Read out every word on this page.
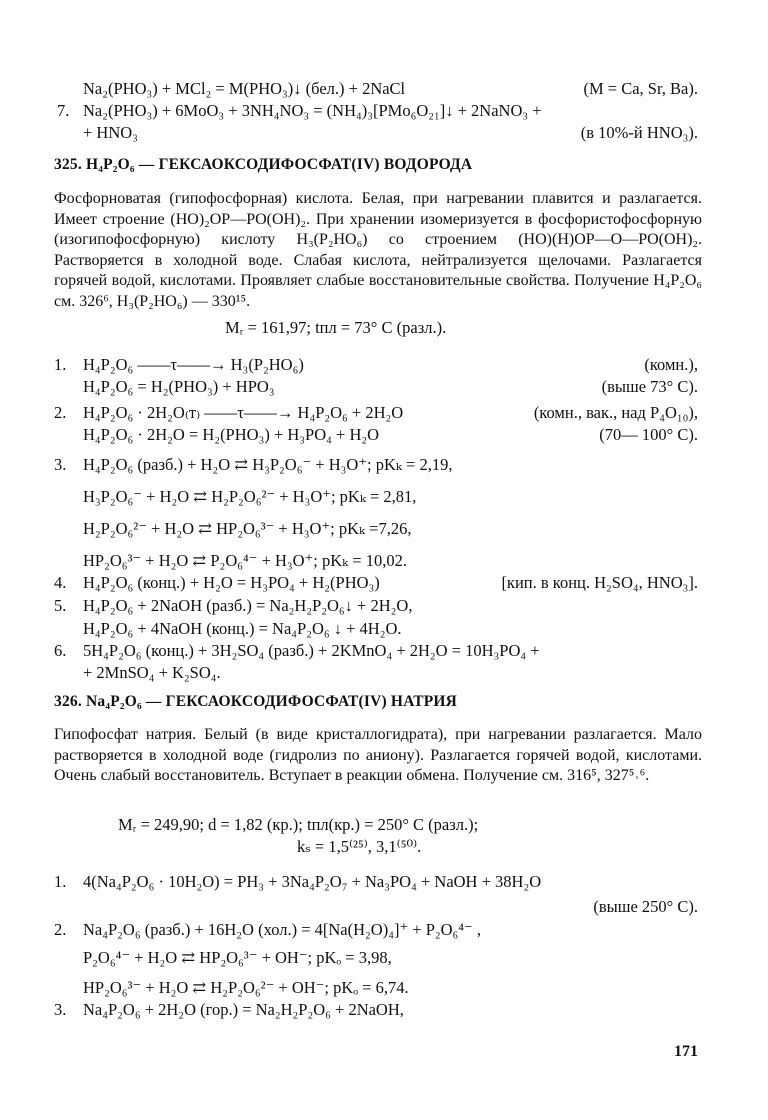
Na₂(PHO₃) + MCl₂ = M(PHO₃)↓ (бел.) + 2NaCl	(M = Ca, Sr, Ba).
7. Na₂(PHO₃) + 6MoO₃ + 3NH₄NO₃ = (NH₄)₃[PMo₆O₂₁]↓ + 2NaNO₃ +
+ HNO₃	(в 10%-й HNO₃).
325. H₄P₂O₆ — ГЕКСАОКСОДИФОСФАТ(IV) ВОДОРОДА
Фосфорноватая (гипофосфорная) кислота. Белая, при нагревании плавится и разлагается. Имеет строение (HO)₂OP—PO(OH)₂. При хранении изомеризуется в фосфористофосфорную (изогипофосфорную) кислоту H₃(P₂HO₆) со строением (HO)(H)OP—O—PO(OH)₂. Растворяется в холодной воде. Слабая кислота, нейтрализуется щелочами. Разлагается горячей водой, кислотами. Проявляет слабые восстановительные свойства. Получение H₄P₂O₆ см. 326⁶, H₃(P₂HO₆) — 330¹⁵.
Mᵣ = 161,97; tпл = 73° C (разл.).
1. H₄P₂O₆ ——τ——→ H₃(P₂HO₆)	(комн.),
H₄P₂O₆ = H₂(PHO₃) + HPO₃	(выше 73° C).
2. H₄P₂O₆ · 2H₂O₍т₎ ——τ——→ H₄P₂O₆ + 2H₂O	(комн., вак., над P₄O₁₀),
H₄P₂O₆ · 2H₂O = H₂(PHO₃) + H₃PO₄ + H₂O	(70— 100° C).
3. H₄P₂O₆ (разб.) + H₂O ⇄ H₃P₂O₆⁻ + H₃O⁺; pKₖ = 2,19,
H₃P₂O₆⁻ + H₂O ⇄ H₂P₂O₆²⁻ + H₃O⁺; pKₖ = 2,81,
H₂P₂O₆²⁻ + H₂O ⇄ HP₂O₆³⁻ + H₃O⁺; pKₖ =7,26,
HP₂O₆³⁻ + H₂O ⇄ P₂O₆⁴⁻ + H₃O⁺; pKₖ = 10,02.
4. H₄P₂O₆ (конц.) + H₂O = H₃PO₄ + H₂(PHO₃)	[кип. в конц. H₂SO₄, HNO₃].
5. H₄P₂O₆ + 2NaOH (разб.) = Na₂H₂P₂O₆↓ + 2H₂O,
H₄P₂O₆ + 4NaOH (конц.) = Na₄P₂O₆ ↓ + 4H₂O.
6. 5H₄P₂O₆ (конц.) + 3H₂SO₄ (разб.) + 2KMnO₄ + 2H₂O = 10H₃PO₄ +
+ 2MnSO₄ + K₂SO₄.
326. Na₄P₂O₆ — ГЕКСАОКСОДИФОСФАТ(IV) НАТРИЯ
Гипофосфат натрия. Белый (в виде кристаллогидрата), при нагревании разлагается. Мало растворяется в холодной воде (гидролиз по аниону). Разлагается горячей водой, кислотами. Очень слабый восстановитель. Вступает в реакции обмена. Получение см. 316⁵, 327⁵˒⁶.
Mᵣ = 249,90; d = 1,82 (кр.); tпл(кр.) = 250° C (разл.);
kₛ = 1,5⁽²⁵⁾, 3,1⁽⁵⁰⁾.
1. 4(Na₄P₂O₆ · 10H₂O) = PH₃ + 3Na₄P₂O₇ + Na₃PO₄ + NaOH + 38H₂O
(выше 250° C).
2. Na₄P₂O₆ (разб.) + 16H₂O (хол.) = 4[Na(H₂O)₄]⁺ + P₂O₆⁴⁻ ,
P₂O₆⁴⁻ + H₂O ⇄ HP₂O₆³⁻ + OH⁻; pKₒ = 3,98,
HP₂O₆³⁻ + H₂O ⇄ H₂P₂O₆²⁻ + OH⁻; pKₒ = 6,74.
3. Na₄P₂O₆ + 2H₂O (гор.) = Na₂H₂P₂O₆ + 2NaOH,
171
